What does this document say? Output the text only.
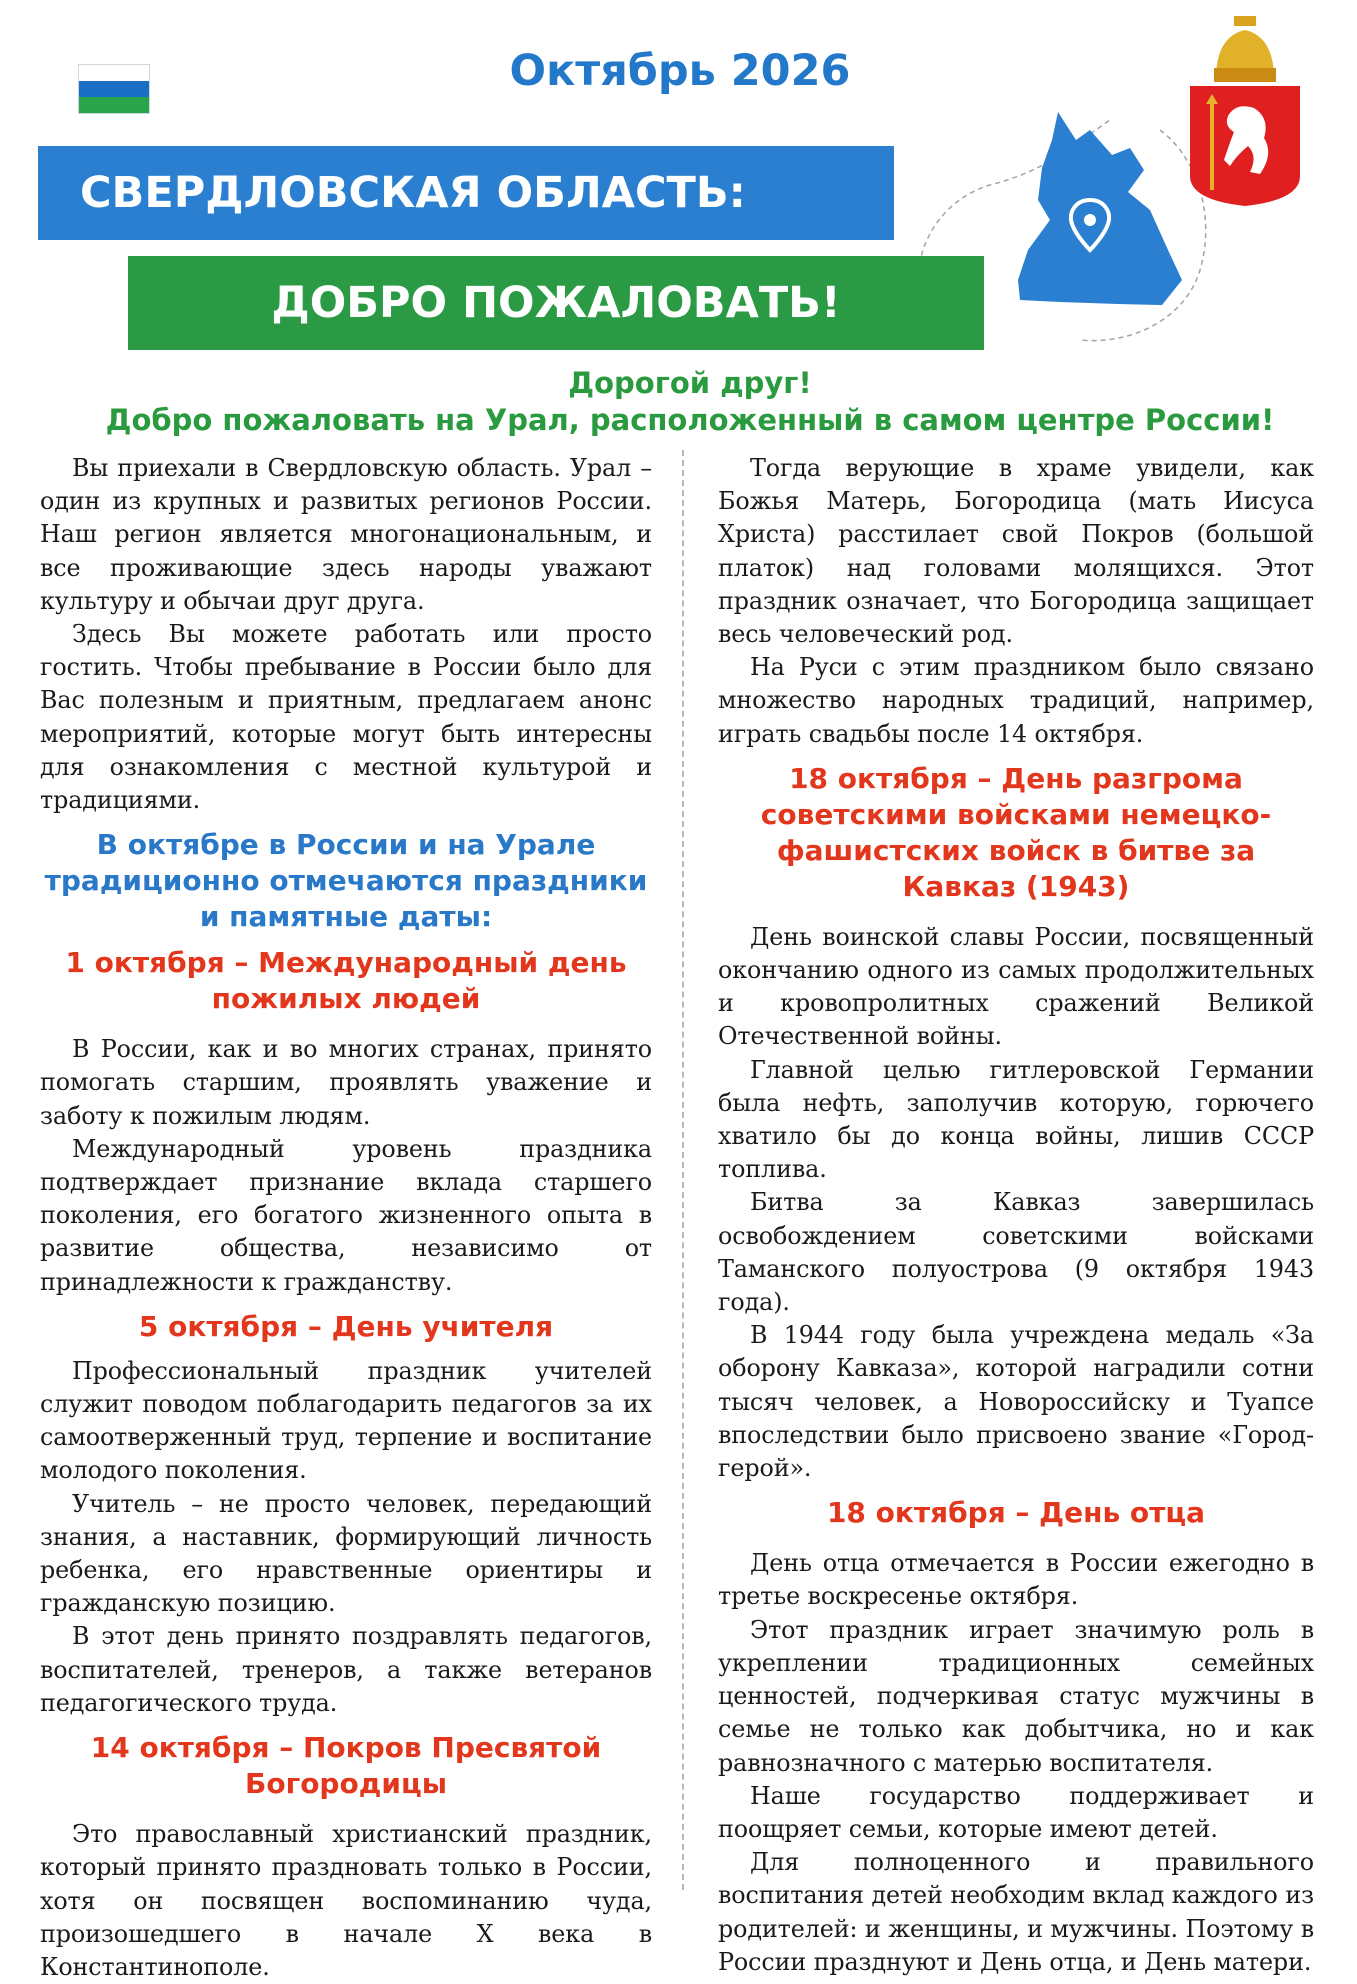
Октябрь 2026
Екатеринбург
СВЕРДЛОВСКАЯ ОБЛАСТЬ:
ДОБРО ПОЖАЛОВАТЬ!
Дорогой друг!
Добро пожаловать на Урал, расположенный в самом центре России!

Вы приехали в Свердловскую область. Урал – один из крупных и развитых регионов России. Наш регион является многонациональным, и все проживающие здесь народы уважают культуру и обычаи друг друга.

Здесь Вы можете работать или просто гостить. Чтобы пребывание в России было для Вас полезным и приятным, предлагаем анонс мероприятий, которые могут быть интересны для ознакомления с местной культурой и традициями.

В октябре в России и на Урале традиционно отмечаются праздники и памятные даты:

1 октября – Международный день пожилых людей

В России, как и во многих странах, принято помогать старшим, проявлять уважение и заботу к пожилым людям.

Международный уровень праздника подтверждает признание вклада старшего поколения, его богатого жизненного опыта в развитие общества, независимо от принадлежности к гражданству.

5 октября – День учителя

Профессиональный праздник учителей служит поводом поблагодарить педагогов за их самоотверженный труд, терпение и воспитание молодого поколения.

Учитель – не просто человек, передающий знания, а наставник, формирующий личность ребенка, его нравственные ориентиры и гражданскую позицию.

В этот день принято поздравлять педагогов, воспитателей, тренеров, а также ветеранов педагогического труда.

14 октября – Покров Пресвятой Богородицы

Это православный христианский праздник, который принято праздновать только в России, хотя он посвящен воспоминанию чуда, произошедшего в начале X века в Константинополе.

Тогда верующие в храме увидели, как Божья Матерь, Богородица (мать Иисуса Христа) расстилает свой Покров (большой платок) над головами молящихся. Этот праздник означает, что Богородица защищает весь человеческий род.

На Руси с этим праздником было связано множество народных традиций, например, играть свадьбы после 14 октября.

18 октября – День разгрома советскими войсками немецко-фашистских войск в битве за Кавказ (1943)

День воинской славы России, посвященный окончанию одного из самых продолжительных и кровопролитных сражений Великой Отечественной войны.

Главной целью гитлеровской Германии была нефть, заполучив которую, горючего хватило бы до конца войны, лишив СССР топлива.

Битва за Кавказ завершилась освобождением советскими войсками Таманского полуострова (9 октября 1943 года).

В 1944 году была учреждена медаль «За оборону Кавказа», которой наградили сотни тысяч человек, а Новороссийску и Туапсе впоследствии было присвоено звание «Город-герой».

18 октября – День отца

День отца отмечается в России ежегодно в третье воскресенье октября.

Этот праздник играет значимую роль в укреплении традиционных семейных ценностей, подчеркивая статус мужчины в семье не только как добытчика, но и как равнозначного с матерью воспитателя.

Наше государство поддерживает и поощряет семьи, которые имеют детей.

Для полноценного и правильного воспитания детей необходим вклад каждого из родителей: и женщины, и мужчины. Поэтому в России празднуют и День отца, и День матери.
